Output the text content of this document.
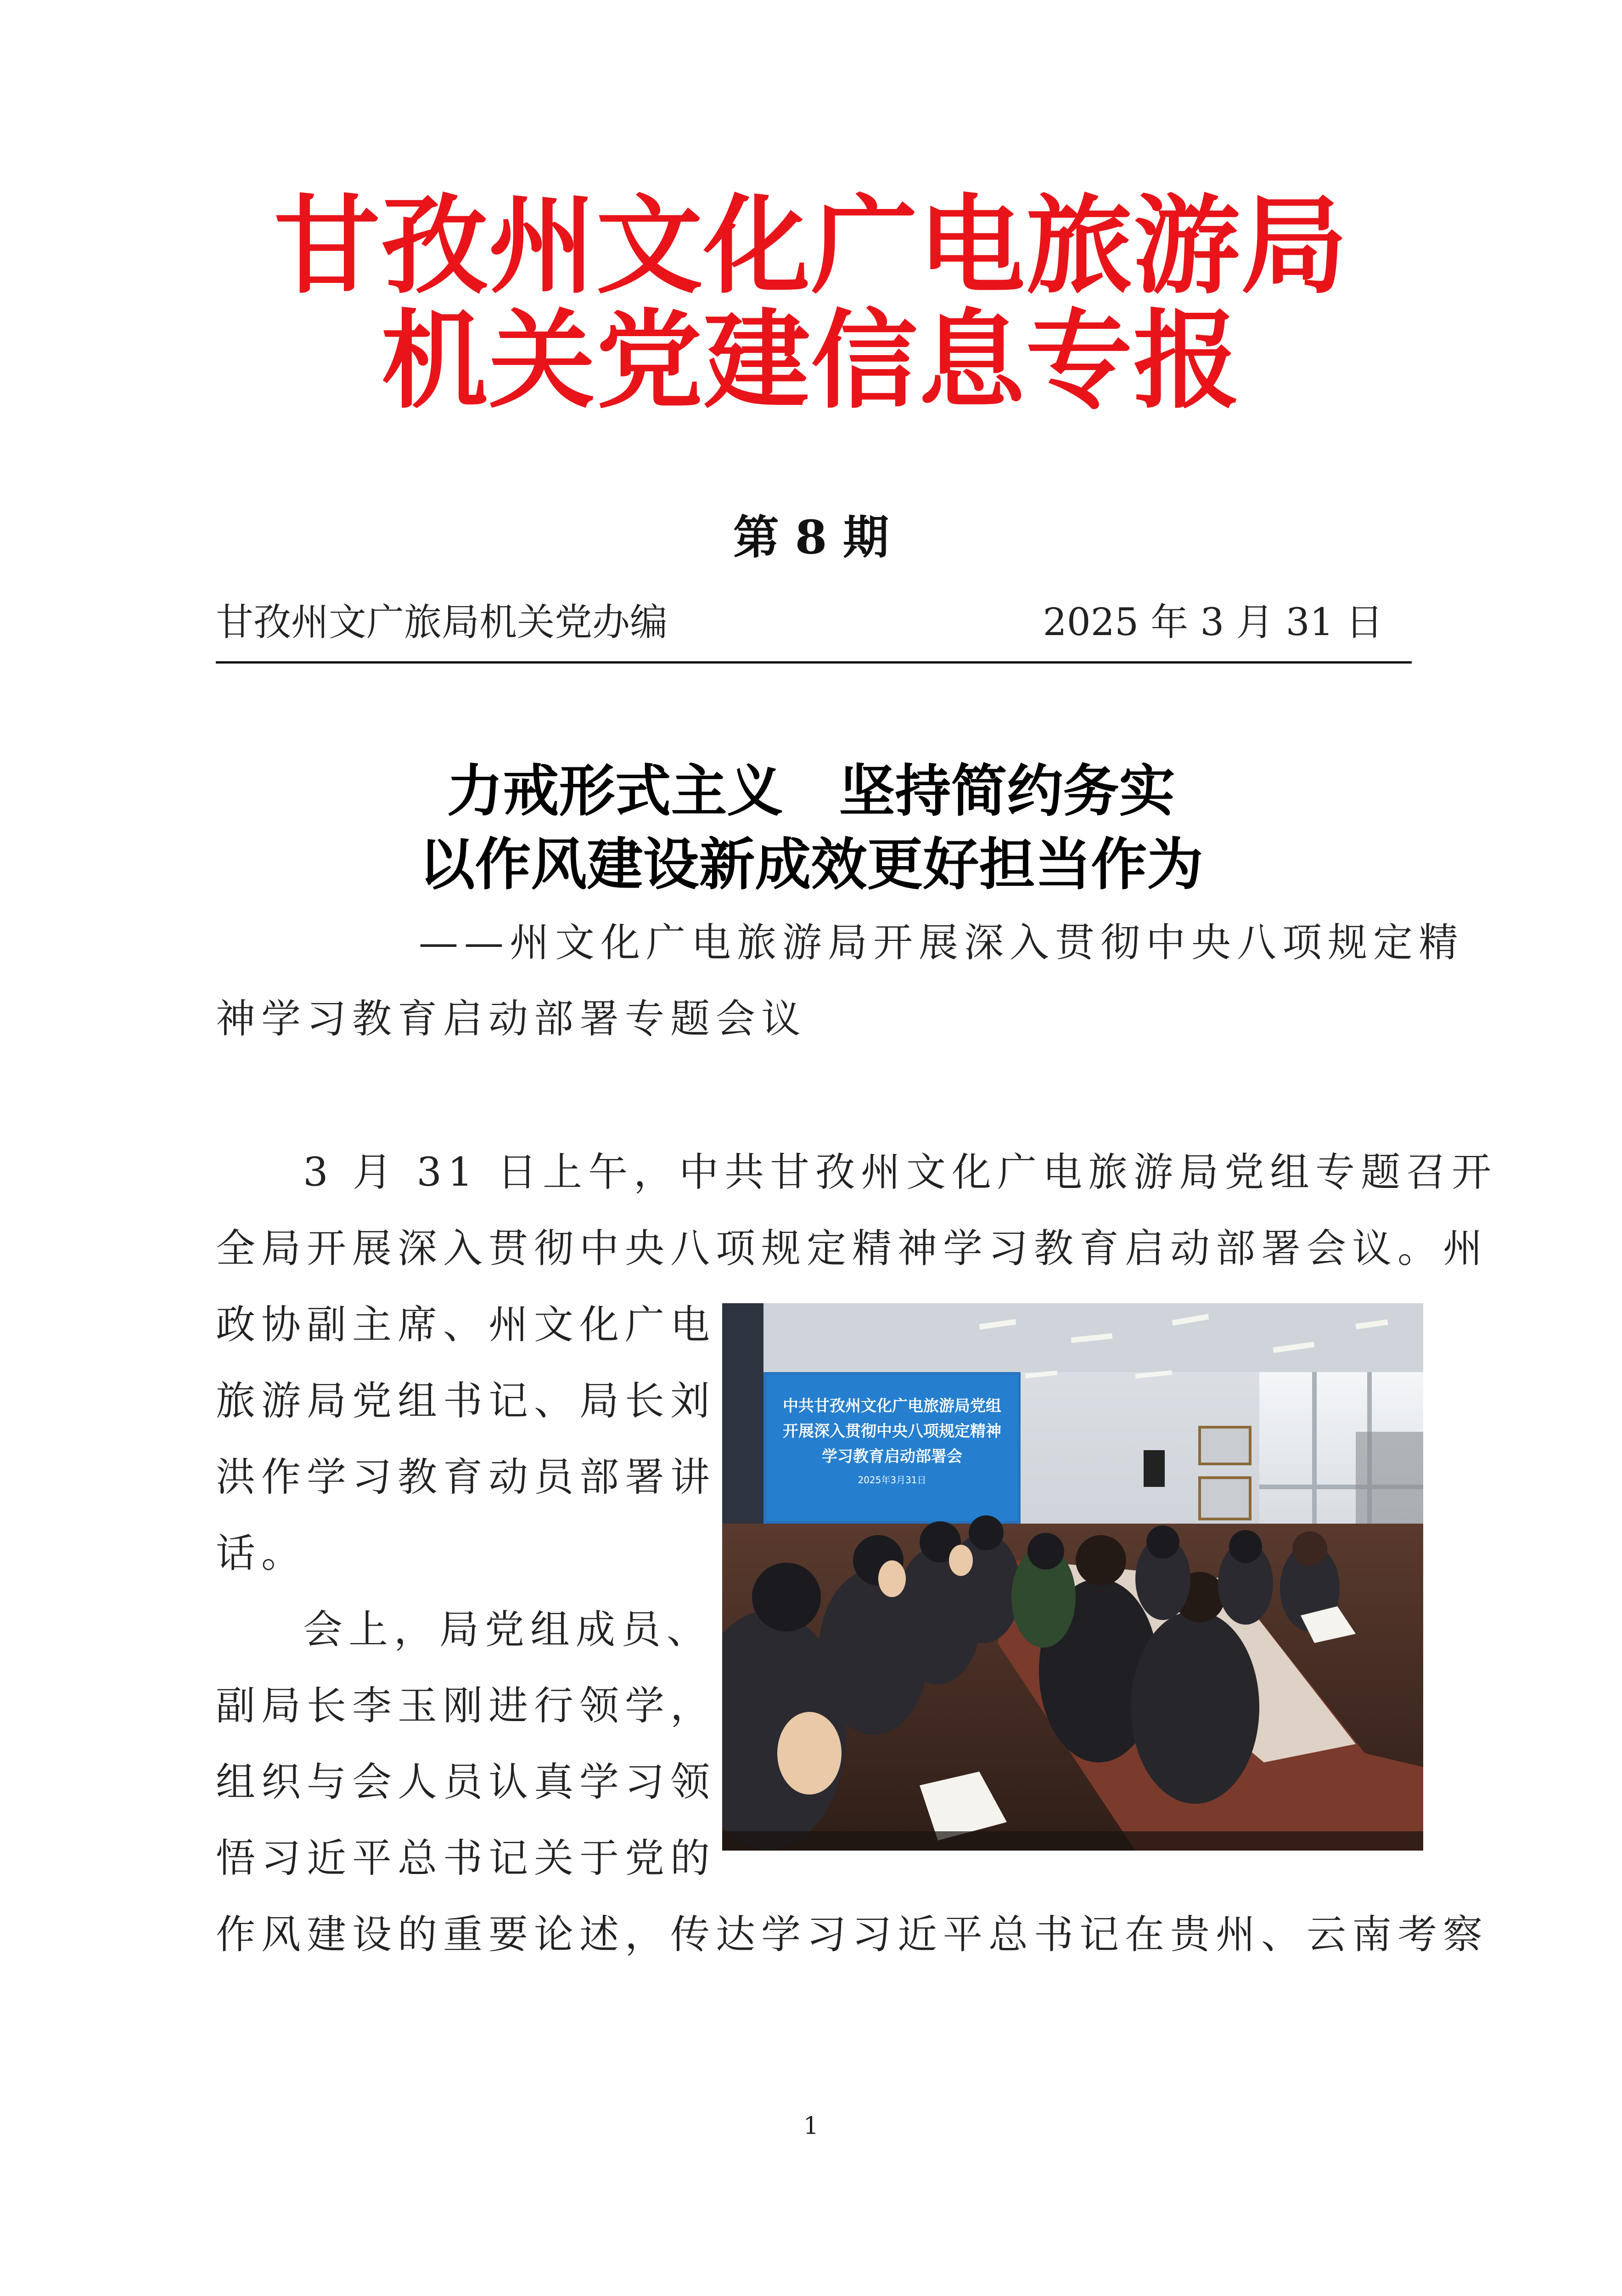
甘孜州文化广电旅游局
机关党建信息专报
第 8 期
甘孜州文广旅局机关党办编	2025 年 3 月 31 日
力戒形式主义　坚持简约务实
以作风建设新成效更好担当作为
——州文化广电旅游局开展深入贯彻中央八项规定精
神学习教育启动部署专题会议
3 月 31 日上午，中共甘孜州文化广电旅游局党组专题召开
全局开展深入贯彻中央八项规定精神学习教育启动部署会议。州
政协副主席、州文化广电
旅游局党组书记、局长刘
洪作学习教育动员部署讲
话。
会上，局党组成员、
副局长李玉刚进行领学，
组织与会人员认真学习领
悟习近平总书记关于党的
作风建设的重要论述，传达学习习近平总书记在贵州、云南考察
中共甘孜州文化广电旅游局党组
开展深入贯彻中央八项规定精神
学习教育启动部署会
2025年3月31日
1
